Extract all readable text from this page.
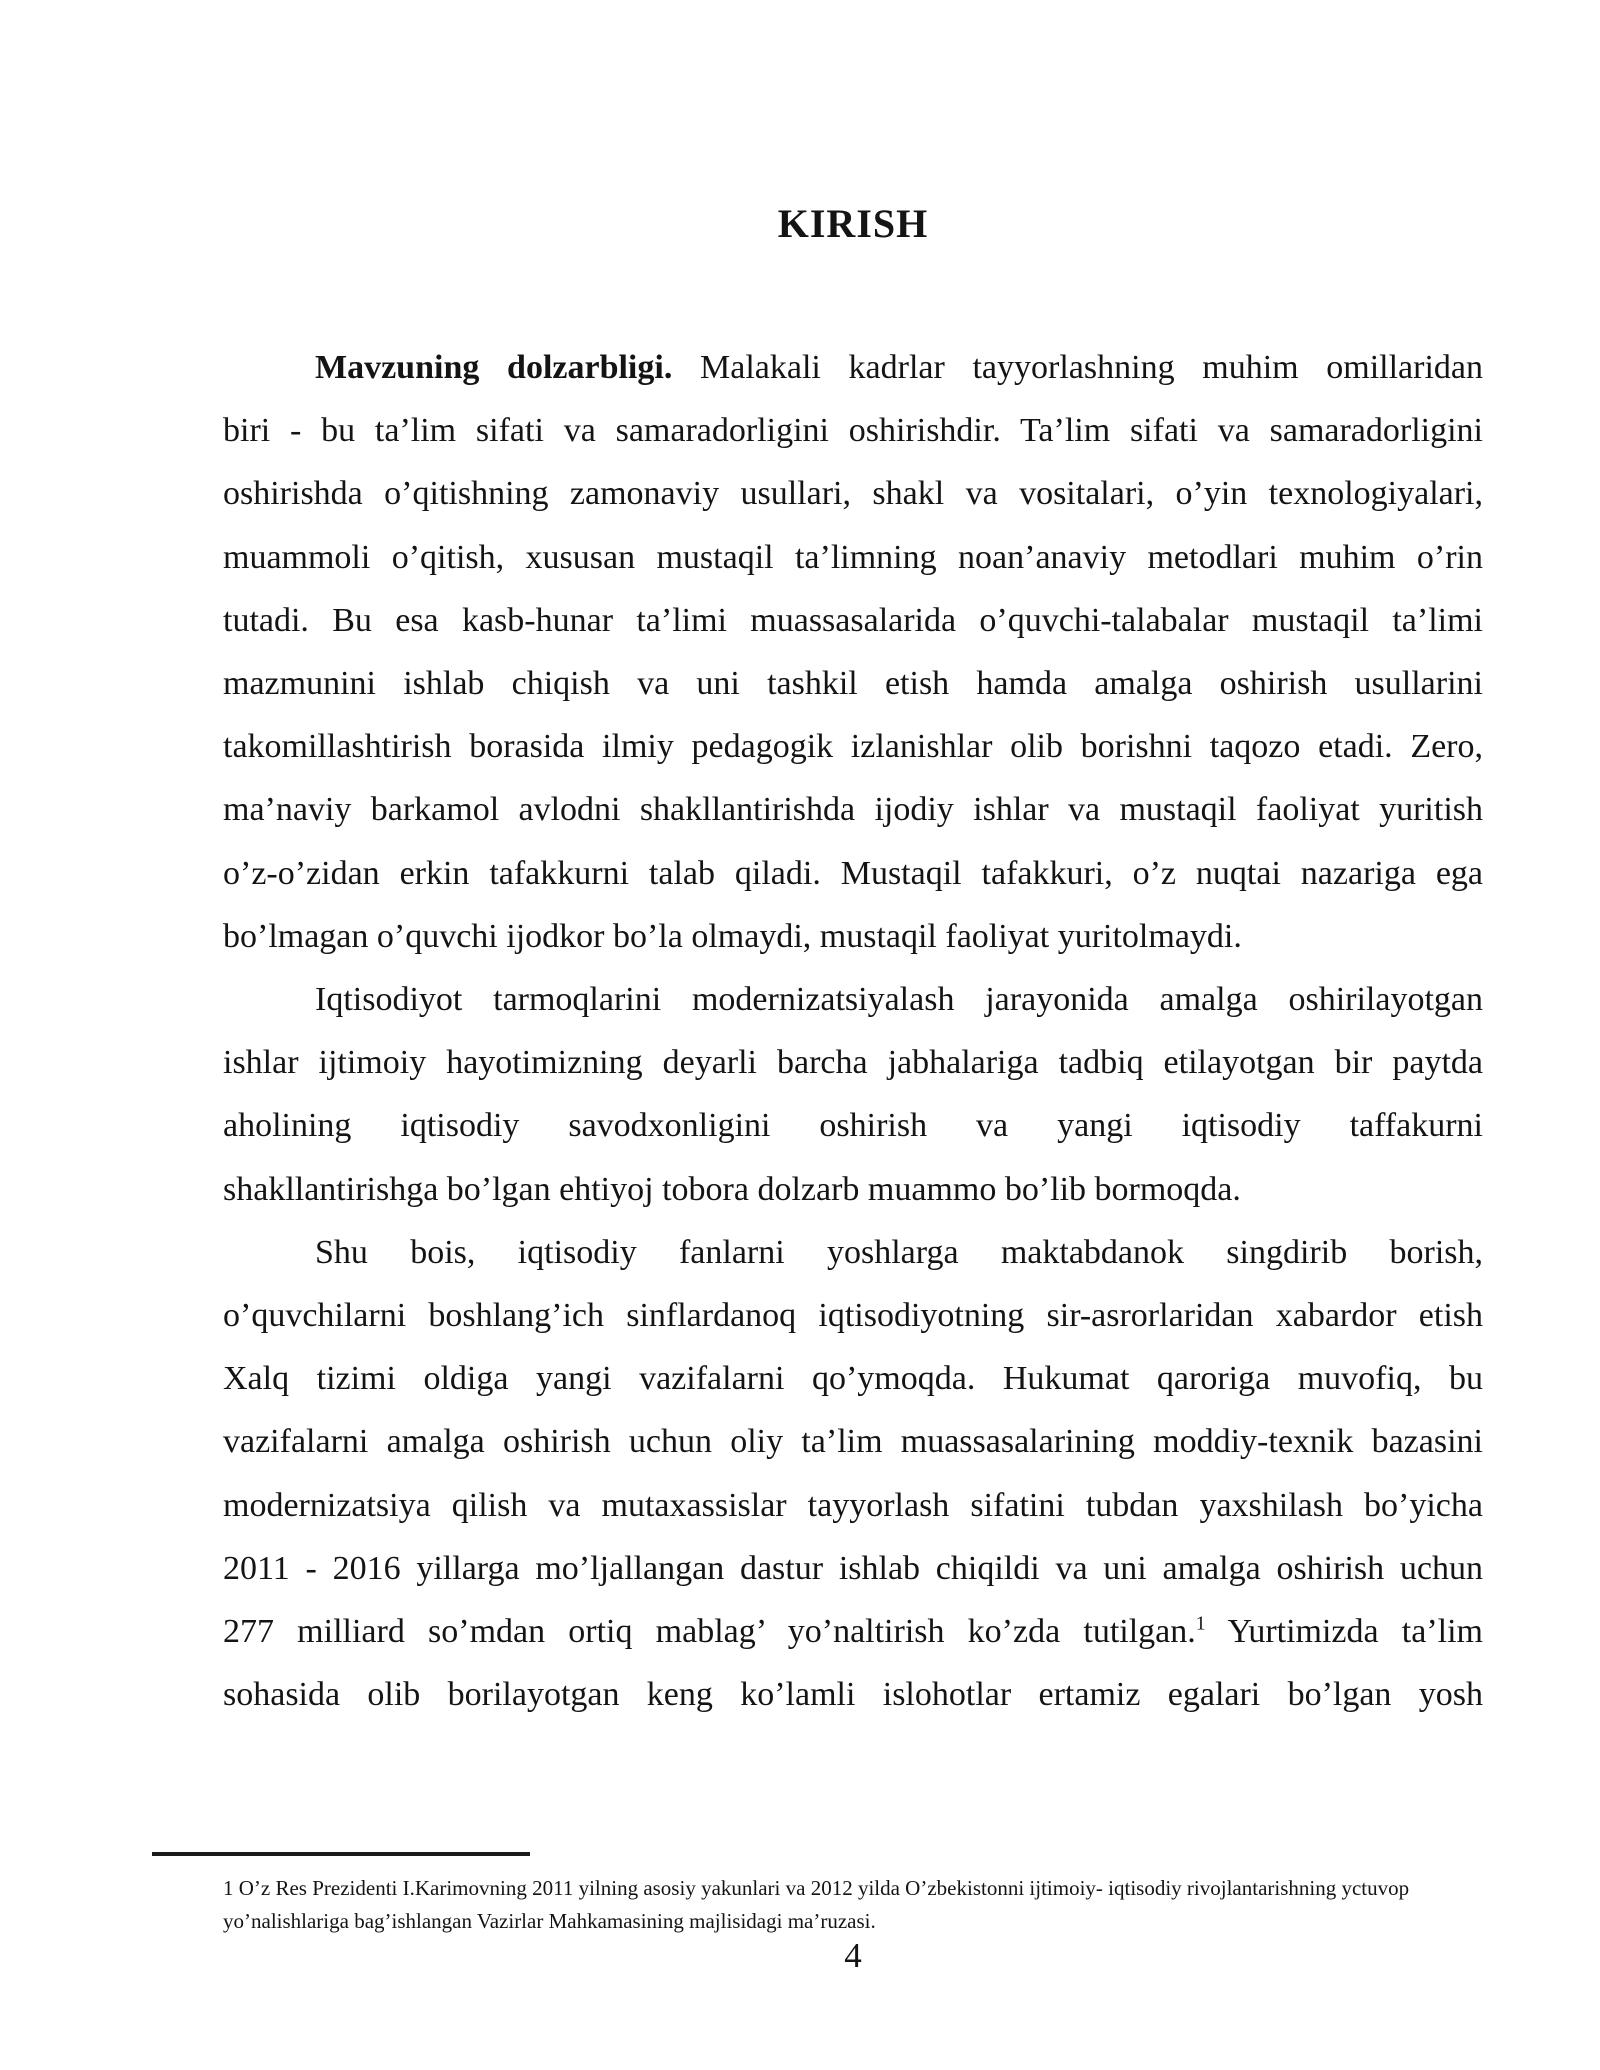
KIRISH
Mavzuning dolzarbligi. Malakali kadrlar tayyorlashning muhim omillaridan
biri - bu ta’lim sifati va samaradorligini oshirishdir. Ta’lim sifati va samaradorligini
oshirishda o’qitishning zamonaviy usullari, shakl va vositalari, o’yin texnologiyalari,
muammoli o’qitish, xususan mustaqil ta’limning noan’anaviy metodlari muhim o’rin
tutadi. Bu esa kasb-hunar ta’limi muassasalarida o’quvchi-talabalar mustaqil ta’limi
mazmunini ishlab chiqish va uni tashkil etish hamda amalga oshirish usullarini
takomillashtirish borasida ilmiy pedagogik izlanishlar olib borishni taqozo etadi. Zero,
ma’naviy barkamol avlodni shakllantirishda ijodiy ishlar va mustaqil faoliyat yuritish
o’z-o’zidan erkin tafakkurni talab qiladi. Mustaqil tafakkuri, o’z nuqtai nazariga ega
bo’lmagan o’quvchi ijodkor bo’la olmaydi, mustaqil faoliyat yuritolmaydi.
Iqtisodiyot tarmoqlarini modernizatsiyalash jarayonida amalga oshirilayotgan
ishlar ijtimoiy hayotimizning deyarli barcha jabhalariga tadbiq etilayotgan bir paytda
aholining iqtisodiy savodxonligini oshirish va yangi iqtisodiy taffakurni
shakllantirishga bo’lgan ehtiyoj tobora dolzarb muammo bo’lib bormoqda.
Shu bois, iqtisodiy fanlarni yoshlarga maktabdanok singdirib borish,
o’quvchilarni boshlang’ich sinflardanoq iqtisodiyotning sir-asrorlaridan xabardor etish
Xalq tizimi oldiga yangi vazifalarni qo’ymoqda. Hukumat qaroriga muvofiq, bu
vazifalarni amalga oshirish uchun oliy ta’lim muassasalarining moddiy-texnik bazasini
modernizatsiya qilish va mutaxassislar tayyorlash sifatini tubdan yaxshilash bo’yicha
2011 - 2016 yillarga mo’ljallangan dastur ishlab chiqildi va uni amalga oshirish uchun
277 milliard so’mdan ortiq mablag’ yo’naltirish ko’zda tutilgan.$^1$ Yurtimizda ta’lim
sohasida olib borilayotgan keng ko’lamli islohotlar ertamiz egalari bo’lgan yosh
1 O’z Res Prezidenti I.Karimovning 2011 yilning asosiy yakunlari va 2012 yilda O’zbekistonni ijtimoiy- iqtisodiy rivojlantarishning yctuvop
yo’nalishlariga bag’ishlangan Vazirlar Mahkamasining majlisidagi ma’ruzasi.
4
